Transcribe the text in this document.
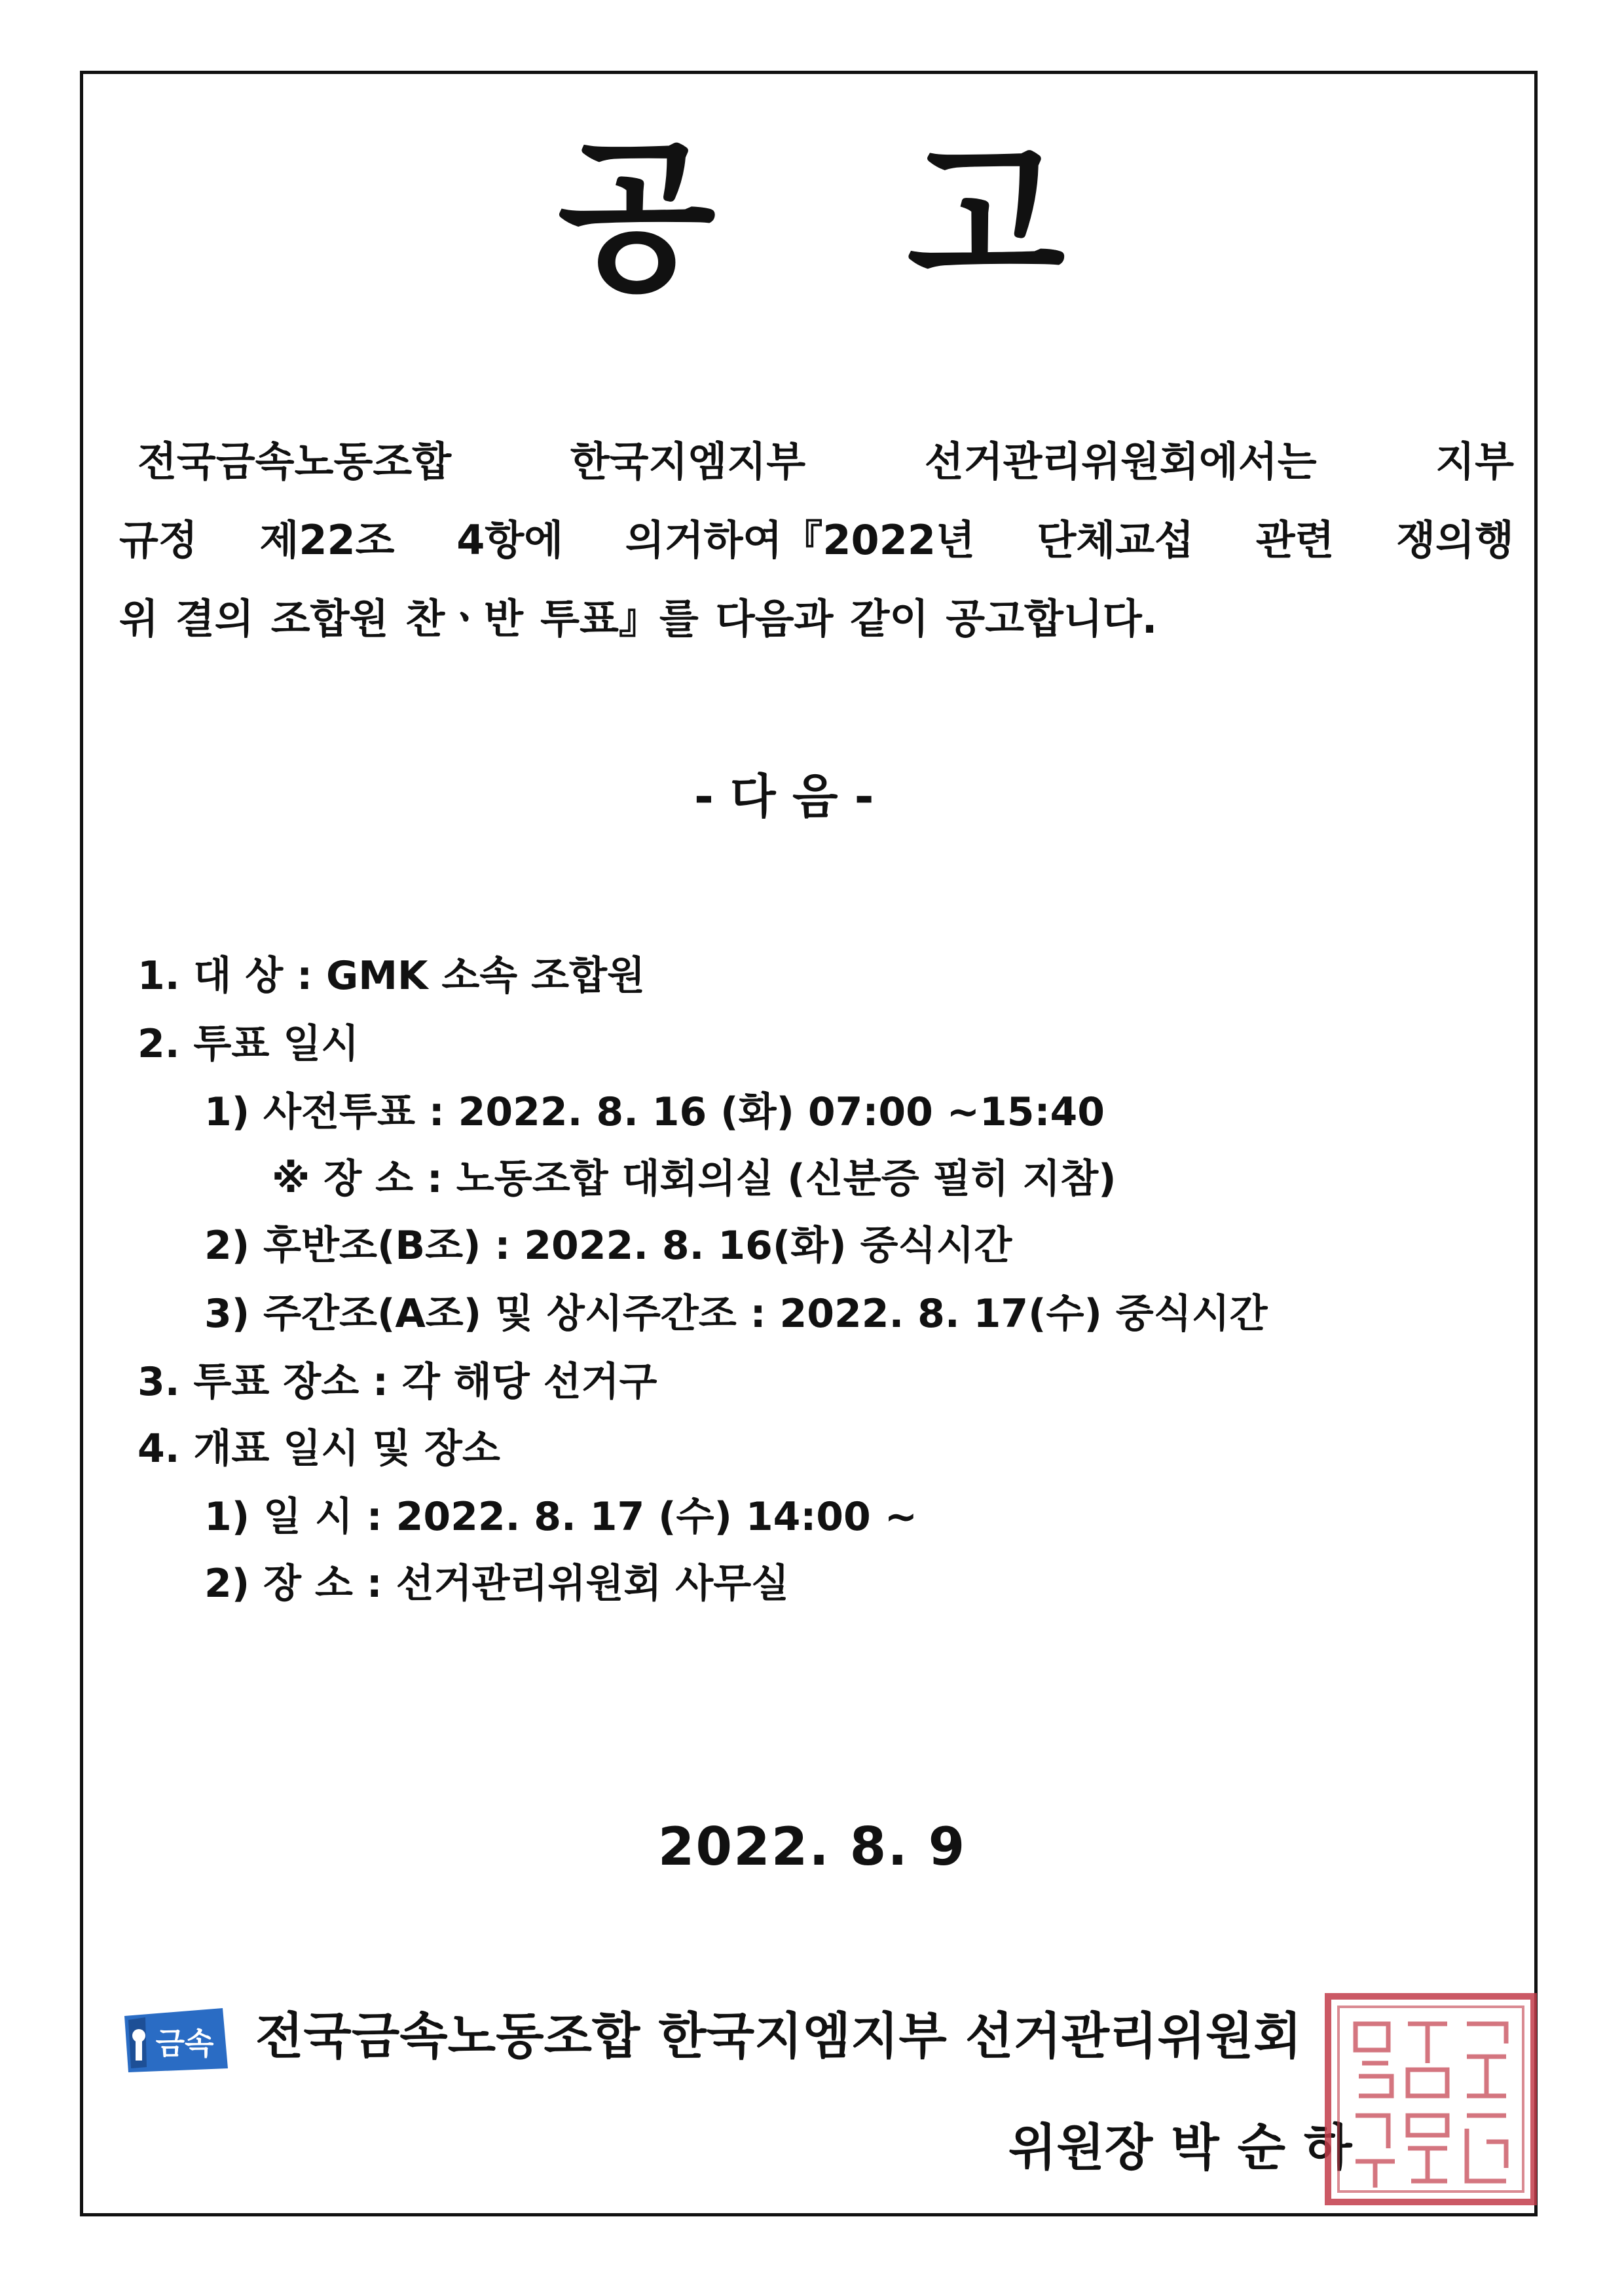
공 고
전국금속노동조합	한국지엠지부	선거관리위원회에서는	지부
규정 제22조 4항에 의거하여『2022년 단체교섭 관련 쟁의행
위 결의 조합원 찬ㆍ반 투표』를 다음과 같이 공고합니다.
- 다 음 -
1. 대 상 : GMK 소속 조합원
2. 투표 일시
1) 사전투표 : 2022. 8. 16 (화) 07:00 ~15:40
※ 장 소 : 노동조합 대회의실 (신분증 필히 지참)
2) 후반조(B조) : 2022. 8. 16(화) 중식시간
3) 주간조(A조) 및 상시주간조 : 2022. 8. 17(수) 중식시간
3. 투표 장소 : 각 해당 선거구
4. 개표 일시 및 장소
1) 일 시 : 2022. 8. 17 (수) 14:00 ~
2) 장 소 : 선거관리위원회 사무실
2022. 8. 9
금속 전국금속노동조합 한국지엠지부 선거관리위원회
위원장 박 순 하
